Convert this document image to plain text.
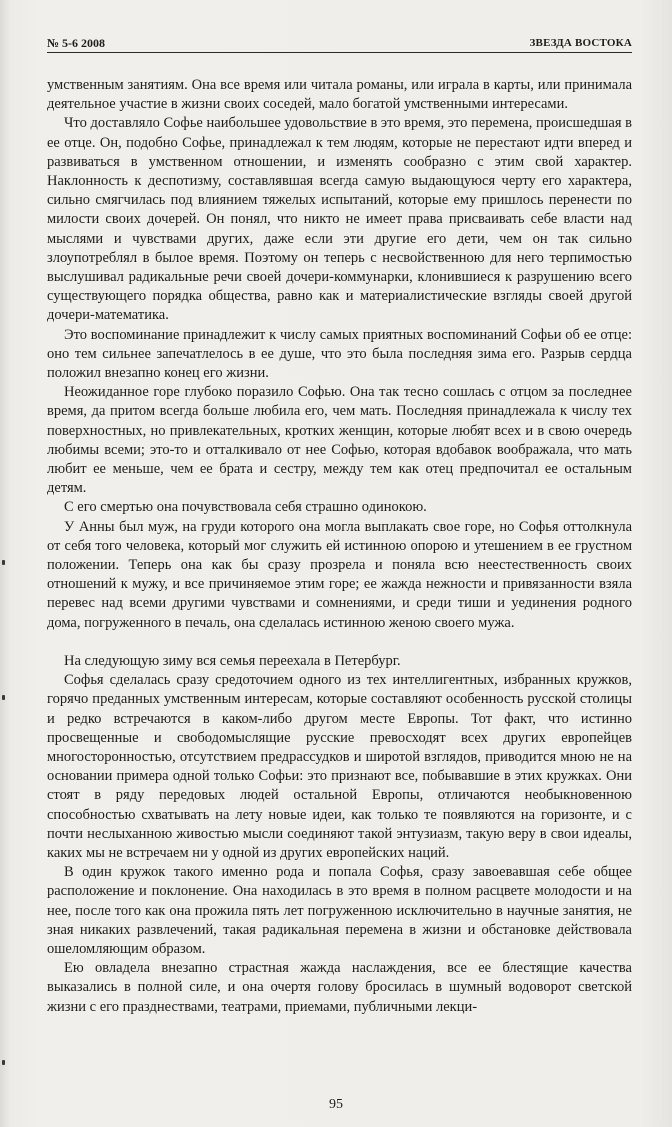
№ 5-6 2008	ЗВЕЗДА ВОСТОКА

умственным занятиям. Она все время или читала романы, или играла в карты, или принимала деятельное участие в жизни своих соседей, мало богатой умственными интересами.

Что доставляло Софье наибольшее удовольствие в это время, это перемена, происшедшая в ее отце. Он, подобно Софье, принадлежал к тем людям, которые не перестают идти вперед и развиваться в умственном отношении, и изменять сообразно с этим свой характер. Наклонность к деспотизму, составлявшая всегда самую выдающуюся черту его характера, сильно смягчилась под влиянием тяжелых испытаний, которые ему пришлось перенести по милости своих дочерей. Он понял, что никто не имеет права присваивать себе власти над мыслями и чувствами других, даже если эти другие его дети, чем он так сильно злоупотреблял в былое время. Поэтому он теперь с несвойственною для него терпимостью выслушивал радикальные речи своей дочери-коммунарки, клонившиеся к разрушению всего существующего порядка общества, равно как и материалистические взгляды своей другой дочери-математика.

Это воспоминание принадлежит к числу самых приятных воспоминаний Софьи об ее отце: оно тем сильнее запечатлелось в ее душе, что это была последняя зима его. Разрыв сердца положил внезапно конец его жизни.

Неожиданное горе глубоко поразило Софью. Она так тесно сошлась с отцом за последнее время, да притом всегда больше любила его, чем мать. Последняя принадлежала к числу тех поверхностных, но привлекательных, кротких женщин, которые любят всех и в свою очередь любимы всеми; это-то и отталкивало от нее Софью, которая вдобавок воображала, что мать любит ее меньше, чем ее брата и сестру, между тем как отец предпочитал ее остальным детям.

С его смертью она почувствовала себя страшно одинокою.

У Анны был муж, на груди которого она могла выплакать свое горе, но Софья оттолкнула от себя того человека, который мог служить ей истинною опорою и утешением в ее грустном положении. Теперь она как бы сразу прозрела и поняла всю неестественность своих отношений к мужу, и все причиняемое этим горе; ее жажда нежности и привязанности взяла перевес над всеми другими чувствами и сомнениями, и среди тиши и уединения родного дома, погруженного в печаль, она сделалась истинною женою своего мужа.

На следующую зиму вся семья переехала в Петербург.

Софья сделалась сразу средоточием одного из тех интеллигентных, избранных кружков, горячо преданных умственным интересам, которые составляют особенность русской столицы и редко встречаются в каком-либо другом месте Европы. Тот факт, что истинно просвещенные и свободомыслящие русские превосходят всех других европейцев многосторонностью, отсутствием предрассудков и широтой взглядов, приводится мною не на основании примера одной только Софьи: это признают все, побывавшие в этих кружках. Они стоят в ряду передовых людей остальной Европы, отличаются необыкновенною способностью схватывать на лету новые идеи, как только те появляются на горизонте, и с почти неслыханною живостью мысли соединяют такой энтузиазм, такую веру в свои идеалы, каких мы не встречаем ни у одной из других европейских наций.

В один кружок такого именно рода и попала Софья, сразу завоевавшая себе общее расположение и поклонение. Она находилась в это время в полном расцвете молодости и на нее, после того как она прожила пять лет погруженною исключительно в научные занятия, не зная никаких развлечений, такая радикальная перемена в жизни и обстановке действовала ошеломляющим образом.

Ею овладела внезапно страстная жажда наслаждения, все ее блестящие качества выказались в полной силе, и она очертя голову бросилась в шумный водоворот светской жизни с его празднествами, театрами, приемами, публичными лекци-

95
